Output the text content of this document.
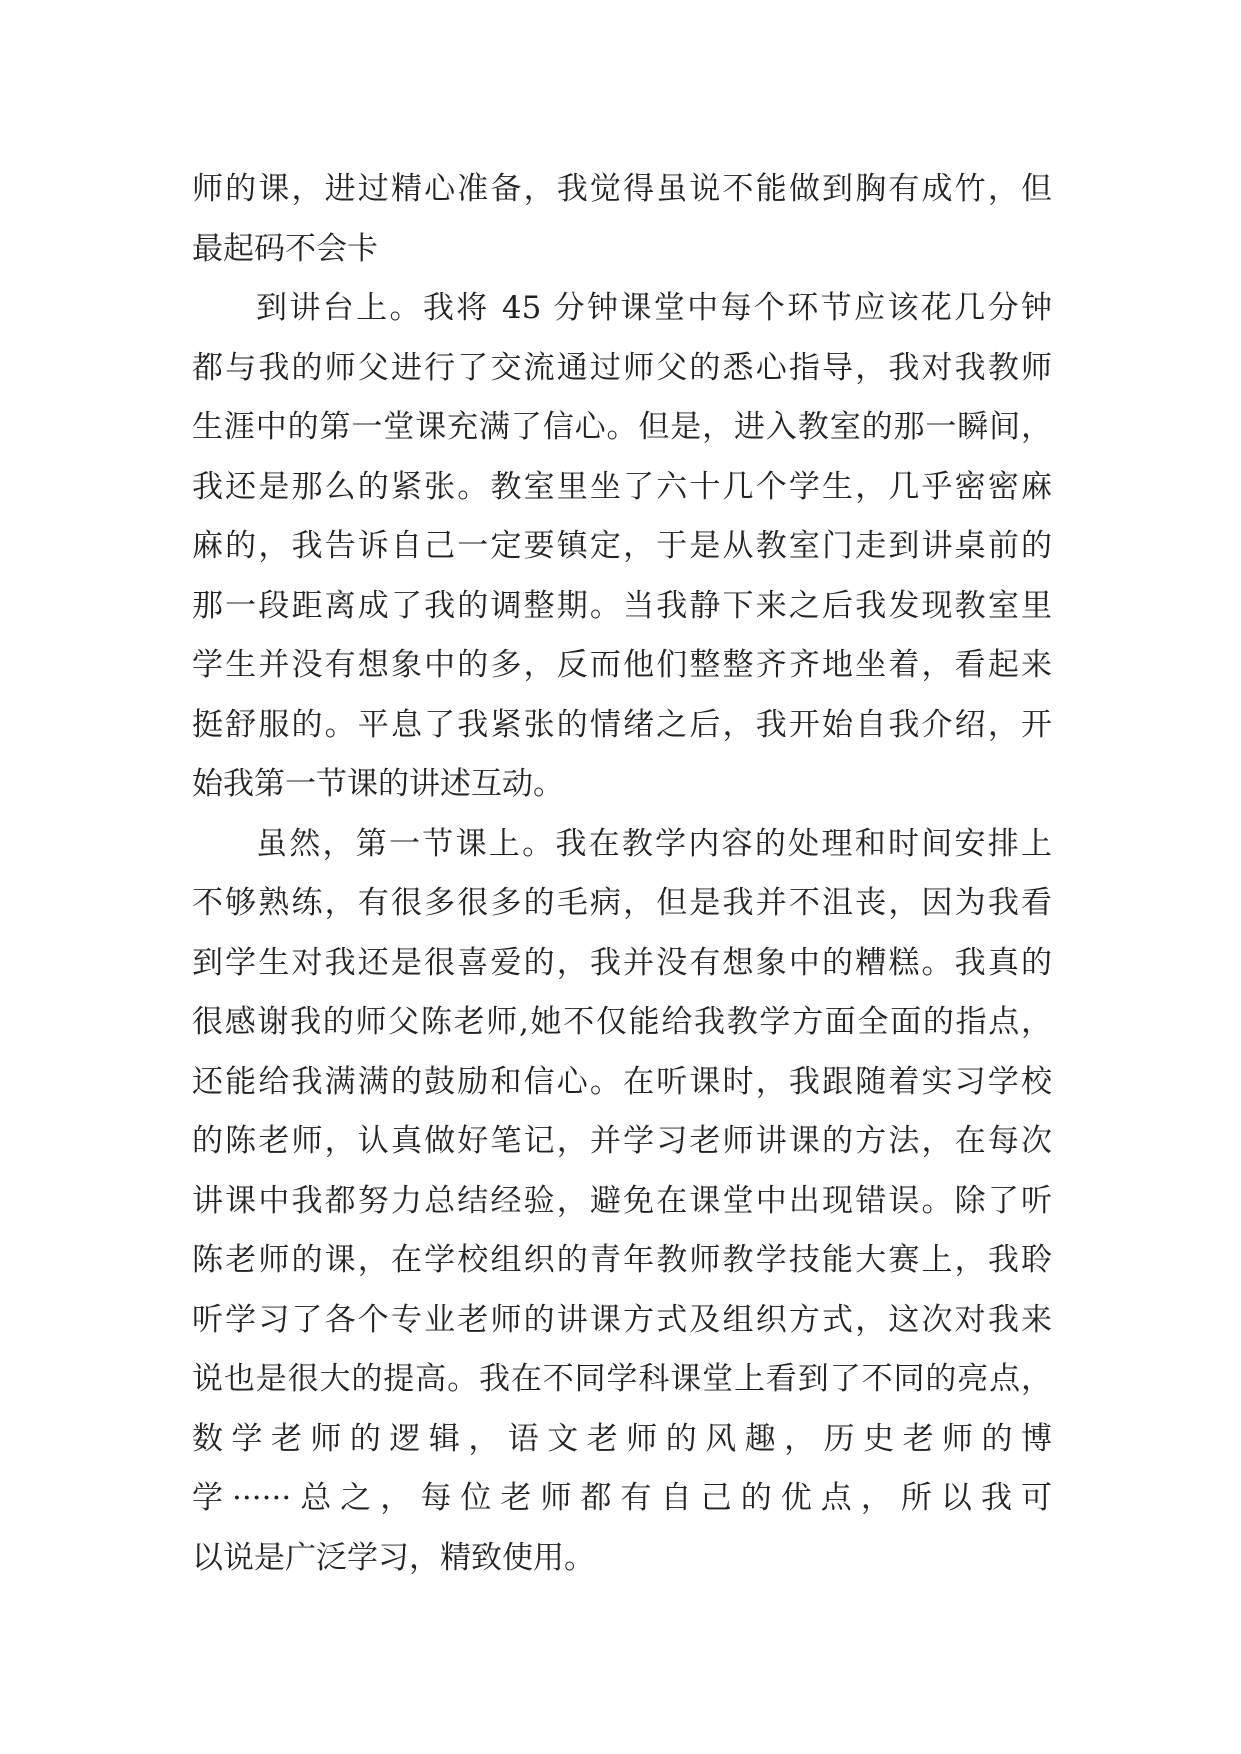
师的课，进过精心准备，我觉得虽说不能做到胸有成竹，但
最起码不会卡
到讲台上。我将 45 分钟课堂中每个环节应该花几分钟
都与我的师父进行了交流通过师父的悉心指导，我对我教师
生涯中的第一堂课充满了信心。但是，进入教室的那一瞬间，
我还是那么的紧张。教室里坐了六十几个学生，几乎密密麻
麻的，我告诉自己一定要镇定，于是从教室门走到讲桌前的
那一段距离成了我的调整期。当我静下来之后我发现教室里
学生并没有想象中的多，反而他们整整齐齐地坐着，看起来
挺舒服的。平息了我紧张的情绪之后，我开始自我介绍，开
始我第一节课的讲述互动。
虽然，第一节课上。我在教学内容的处理和时间安排上
不够熟练，有很多很多的毛病，但是我并不沮丧，因为我看
到学生对我还是很喜爱的，我并没有想象中的糟糕。我真的
很感谢我的师父陈老师,她不仅能给我教学方面全面的指点，
还能给我满满的鼓励和信心。在听课时，我跟随着实习学校
的陈老师，认真做好笔记，并学习老师讲课的方法，在每次
讲课中我都努力总结经验，避免在课堂中出现错误。除了听
陈老师的课，在学校组织的青年教师教学技能大赛上，我聆
听学习了各个专业老师的讲课方式及组织方式，这次对我来
说也是很大的提高。我在不同学科课堂上看到了不同的亮点，
数学老师的逻辑，语文老师的风趣，历史老师的博
学······总之，每位老师都有自己的优点，所以我可
以说是广泛学习，精致使用。
